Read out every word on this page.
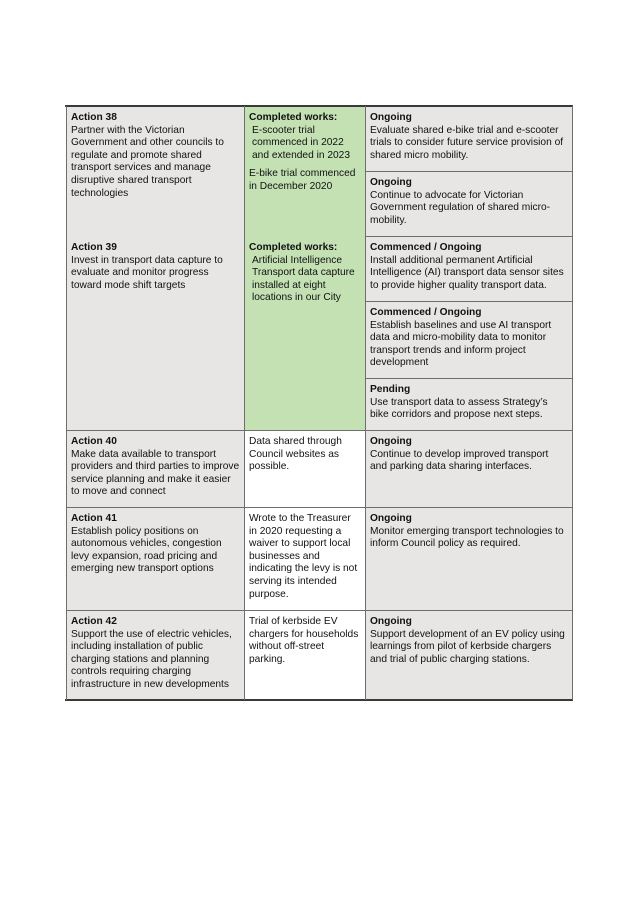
Action 38
Partner with the Victorian Government and other councils to regulate and promote shared transport services and manage disruptive shared transport technologies
Action 39
Invest in transport data capture to evaluate and monitor progress toward mode shift targets
Completed works:
E-scooter trial commenced in 2022 and extended in 2023
E-bike trial commenced in December 2020
Completed works:
Artificial Intelligence Transport data capture installed at eight locations in our City
Ongoing
Evaluate shared e-bike trial and e-scooter trials to consider future service provision of shared micro mobility.
Ongoing
Continue to advocate for Victorian Government regulation of shared micro-mobility.
Commenced / Ongoing
Install additional permanent Artificial Intelligence (AI) transport data sensor sites to provide higher quality transport data.
Commenced / Ongoing
Establish baselines and use AI transport data and micro-mobility data to monitor transport trends and inform project development
Pending
Use transport data to assess Strategy’s bike corridors and propose next steps.
Action 40
Make data available to transport providers and third parties to improve service planning and make it easier to move and connect
Data shared through Council websites as possible.
Ongoing
Continue to develop improved transport and parking data sharing interfaces.
Action 41
Establish policy positions on autonomous vehicles, congestion levy expansion, road pricing and emerging new transport options
Wrote to the Treasurer in 2020 requesting a waiver to support local businesses and indicating the levy is not serving its intended purpose.
Ongoing
Monitor emerging transport technologies to inform Council policy as required.
Action 42
Support the use of electric vehicles, including installation of public charging stations and planning controls requiring charging infrastructure in new developments
Trial of kerbside EV chargers for households without off-street parking.
Ongoing
Support development of an EV policy using learnings from pilot of kerbside chargers and trial of public charging stations.
